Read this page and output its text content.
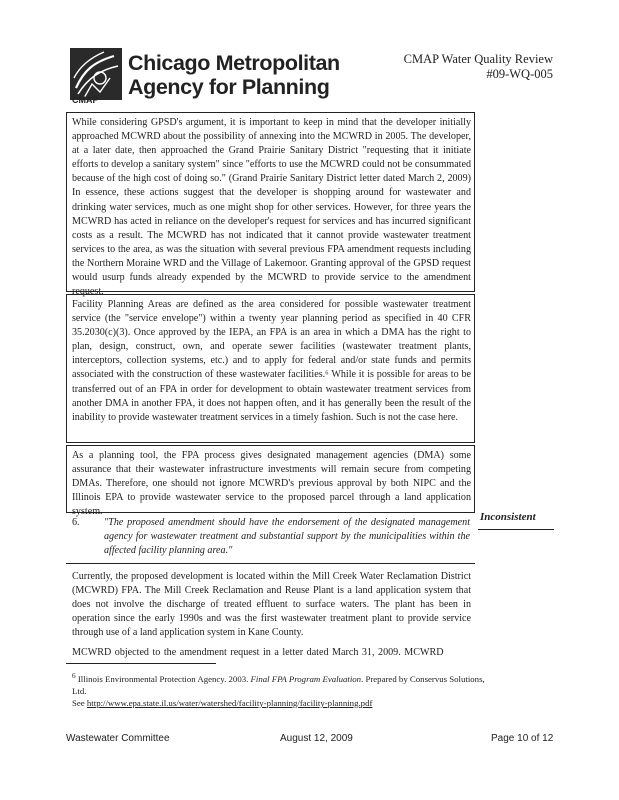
CMAP
Chicago Metropolitan
Agency for Planning
CMAP Water Quality Review
#09-WQ-005
While considering GPSD's argument, it is important to keep in mind that the developer initially approached MCWRD about the possibility of annexing into the MCWRD in 2005. The developer, at a later date, then approached the Grand Prairie Sanitary District "requesting that it initiate efforts to develop a sanitary system" since "efforts to use the MCWRD could not be consummated because of the high cost of doing so." (Grand Prairie Sanitary District letter dated March 2, 2009) In essence, these actions suggest that the developer is shopping around for wastewater and drinking water services, much as one might shop for other services. However, for three years the MCWRD has acted in reliance on the developer's request for services and has incurred significant costs as a result. The MCWRD has not indicated that it cannot provide wastewater treatment services to the area, as was the situation with several previous FPA amendment requests including the Northern Moraine WRD and the Village of Lakemoor. Granting approval of the GPSD request would usurp funds already expended by the MCWRD to provide service to the amendment request.
Facility Planning Areas are defined as the area considered for possible wastewater treatment service (the "service envelope") within a twenty year planning period as specified in 40 CFR 35.2030(c)(3). Once approved by the IEPA, an FPA is an area in which a DMA has the right to plan, design, construct, own, and operate sewer facilities (wastewater treatment plants, interceptors, collection systems, etc.) and to apply for federal and/or state funds and permits associated with the construction of these wastewater facilities.⁶ While it is possible for areas to be transferred out of an FPA in order for development to obtain wastewater treatment services from another DMA in another FPA, it does not happen often, and it has generally been the result of the inability to provide wastewater treatment services in a timely fashion. Such is not the case here.
As a planning tool, the FPA process gives designated management agencies (DMA) some assurance that their wastewater infrastructure investments will remain secure from competing DMAs. Therefore, one should not ignore MCWRD's previous approval by both NIPC and the Illinois EPA to provide wastewater service to the proposed parcel through a land application system.
6.	"The proposed amendment should have the endorsement of the designated management agency for wastewater treatment and substantial support by the municipalities within the affected facility planning area."
Inconsistent
Currently, the proposed development is located within the Mill Creek Water Reclamation District (MCWRD) FPA. The Mill Creek Reclamation and Reuse Plant is a land application system that does not involve the discharge of treated effluent to surface waters. The plant has been in operation since the early 1990s and was the first wastewater treatment plant to provide service through use of a land application system in Kane County.
MCWRD objected to the amendment request in a letter dated March 31, 2009. MCWRD
$^6$ Illinois Environmental Protection Agency. 2003. Final FPA Program Evaluation. Prepared by Conservus Solutions, Ltd.
See http://www.epa.state.il.us/water/watershed/facility-planning/facility-planning.pdf
Wastewater Committee	August 12, 2009	Page 10 of 12
